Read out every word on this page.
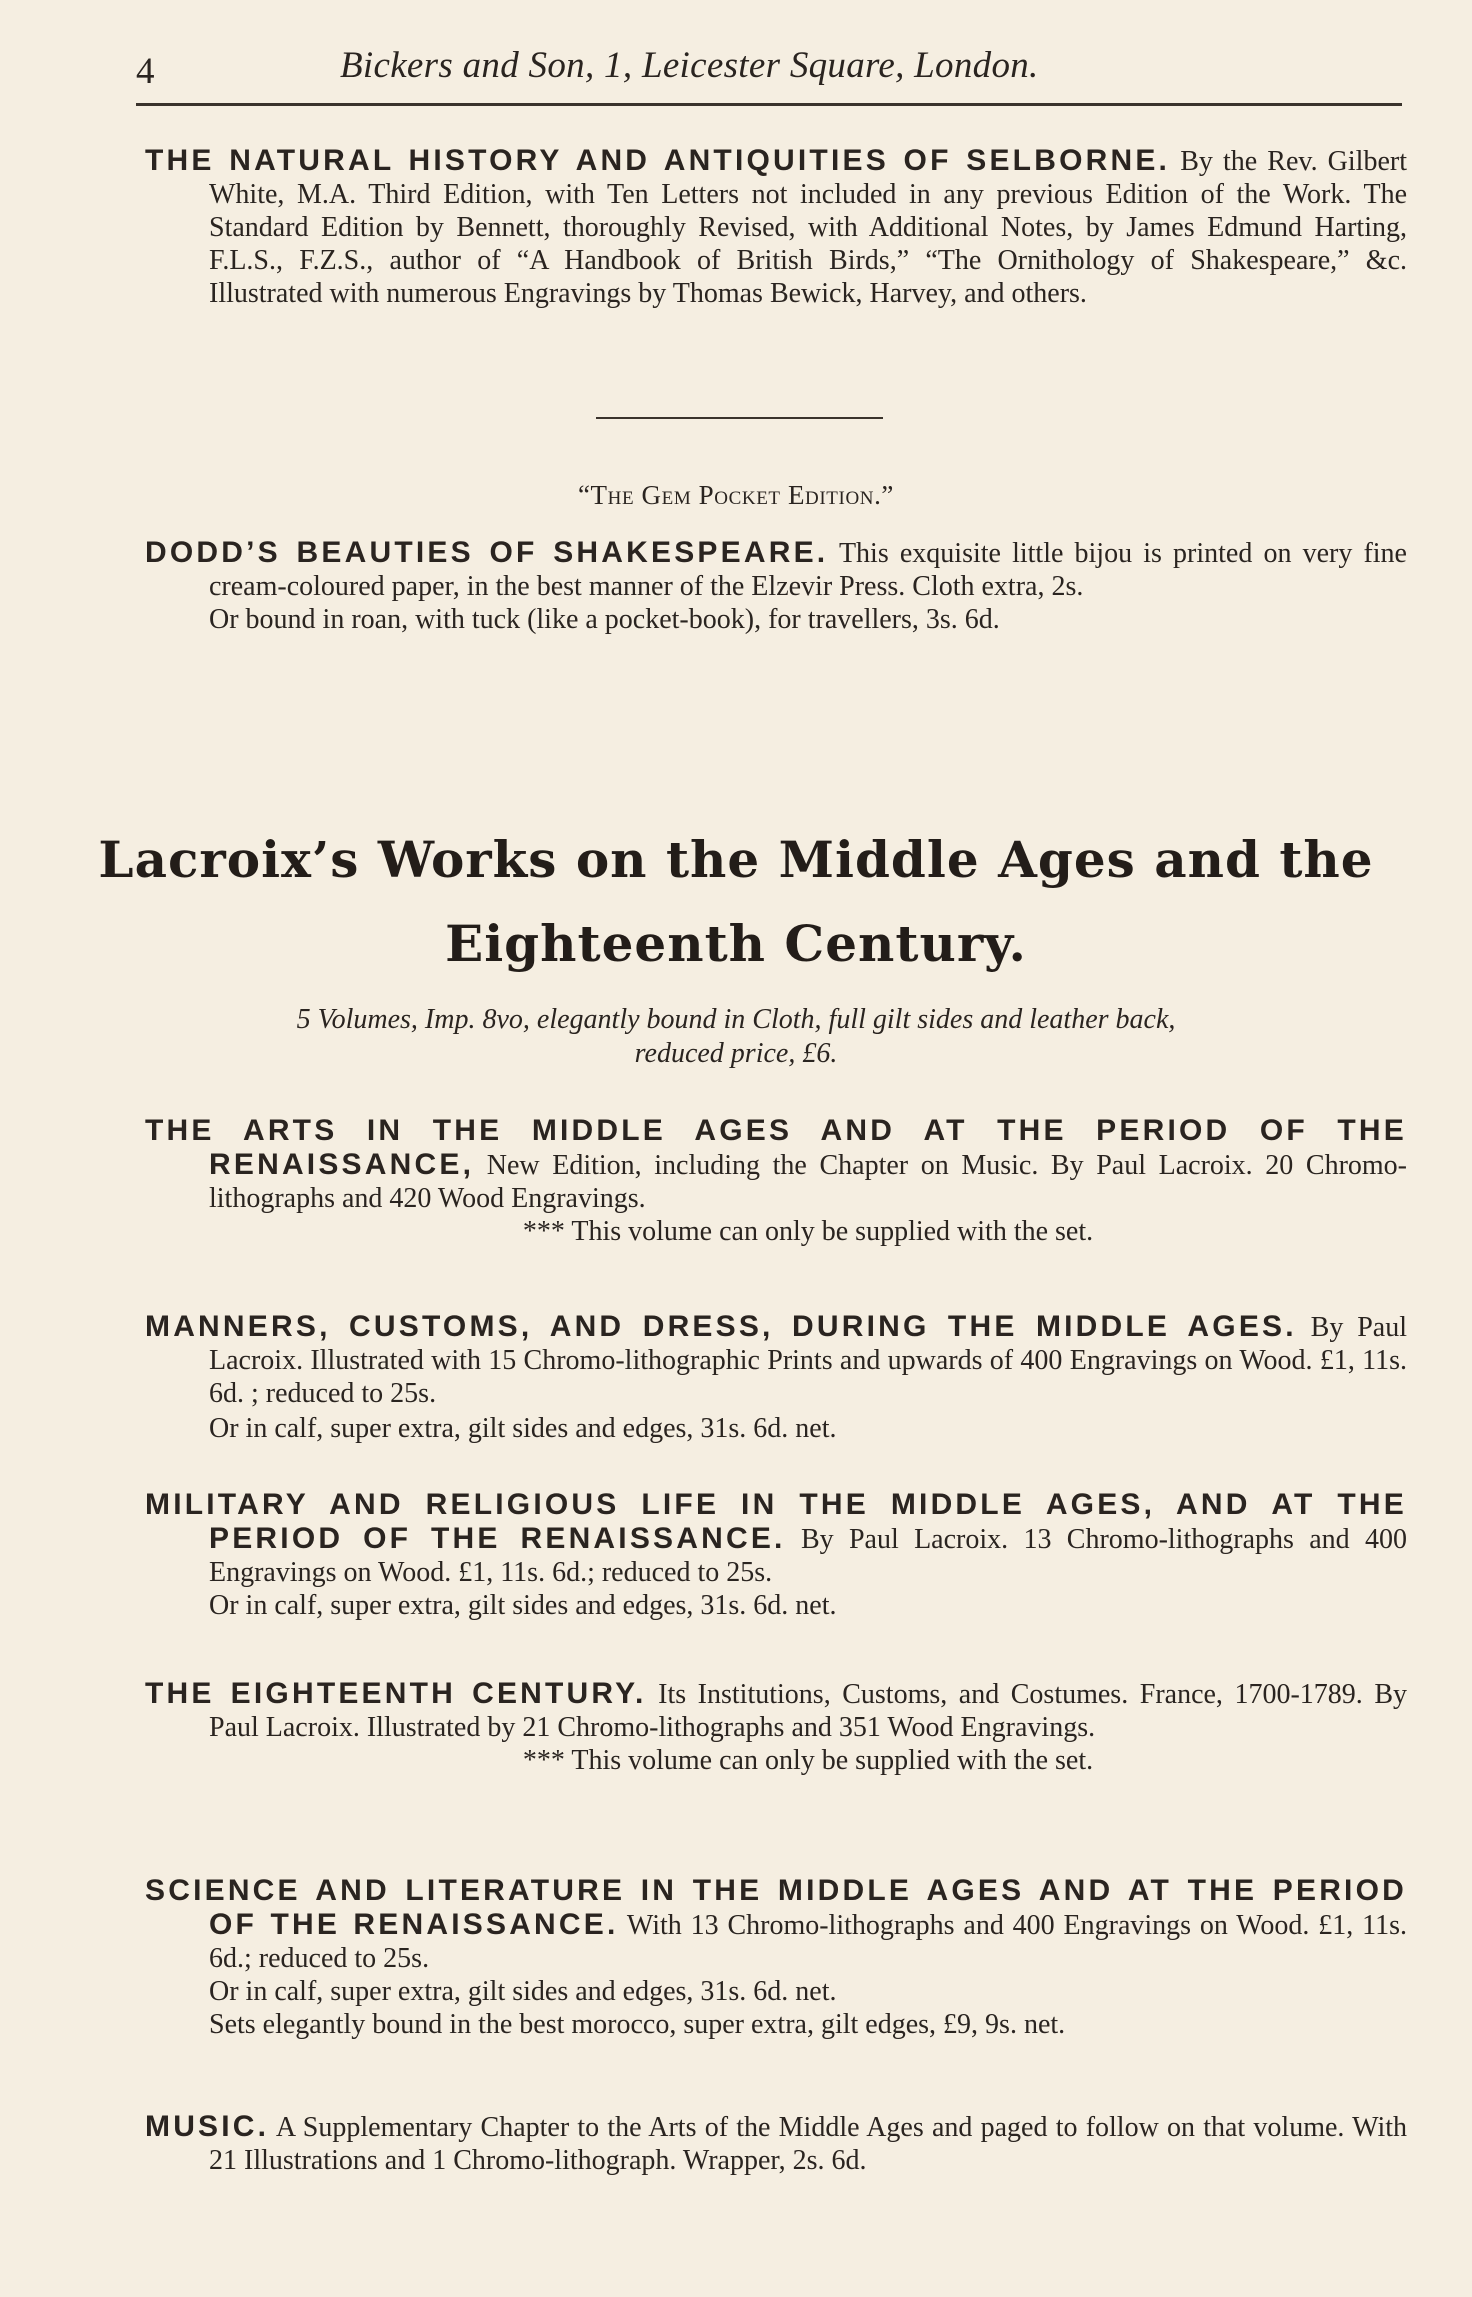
4	Bickers and Son, 1, Leicester Square, London.

THE NATURAL HISTORY AND ANTIQUITIES OF SELBORNE. By the Rev. Gilbert White, M.A. Third Edition, with Ten Letters not included in any previous Edition of the Work. The Standard Edition by Bennett, thoroughly Revised, with Additional Notes, by James Edmund Harting, F.L.S., F.Z.S., author of “A Handbook of British Birds,” “The Ornithology of Shakespeare,” &c. Illustrated with numerous Engravings by Thomas Bewick, Harvey, and others.

“The Gem Pocket Edition.”

DODD’S BEAUTIES OF SHAKESPEARE. This exquisite little bijou is printed on very fine cream-coloured paper, in the best manner of the Elzevir Press. Cloth extra, 2s.

Or bound in roan, with tuck (like a pocket-book), for travellers, 3s. 6d.

Lacroix’s Works on the Middle Ages and the
Eighteenth Century.
5 Volumes, Imp. 8vo, elegantly bound in Cloth, full gilt sides and leather back,
reduced price, £6.

THE ARTS IN THE MIDDLE AGES AND AT THE PERIOD OF THE RENAISSANCE, New Edition, including the Chapter on Music. By Paul Lacroix. 20 Chromo-lithographs and 420 Wood Engravings.

*** This volume can only be supplied with the set.

MANNERS, CUSTOMS, AND DRESS, DURING THE MIDDLE AGES. By Paul Lacroix. Illustrated with 15 Chromo-lithographic Prints and upwards of 400 Engravings on Wood. £1, 11s. 6d. ; reduced to 25s.

Or in calf, super extra, gilt sides and edges, 31s. 6d. net.

MILITARY AND RELIGIOUS LIFE IN THE MIDDLE AGES, AND AT THE PERIOD OF THE RENAISSANCE. By Paul Lacroix. 13 Chromo-lithographs and 400 Engravings on Wood. £1, 11s. 6d.; reduced to 25s.

Or in calf, super extra, gilt sides and edges, 31s. 6d. net.

THE EIGHTEENTH CENTURY. Its Institutions, Customs, and Costumes. France, 1700-1789. By Paul Lacroix. Illustrated by 21 Chromo-lithographs and 351 Wood Engravings.

*** This volume can only be supplied with the set.

SCIENCE AND LITERATURE IN THE MIDDLE AGES AND AT THE PERIOD OF THE RENAISSANCE. With 13 Chromo-lithographs and 400 Engravings on Wood. £1, 11s. 6d.; reduced to 25s.

Or in calf, super extra, gilt sides and edges, 31s. 6d. net.

Sets elegantly bound in the best morocco, super extra, gilt edges, £9, 9s. net.

MUSIC. A Supplementary Chapter to the Arts of the Middle Ages and paged to follow on that volume. With 21 Illustrations and 1 Chromo-lithograph. Wrapper, 2s. 6d.
